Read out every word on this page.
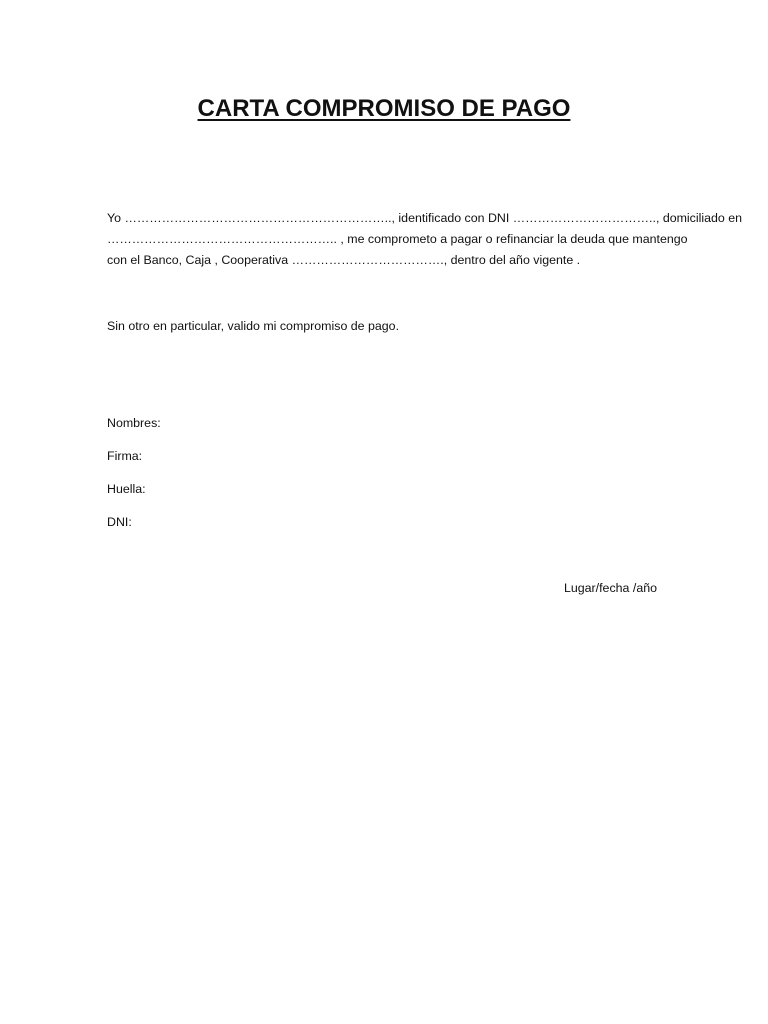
CARTA COMPROMISO DE PAGO

Yo ……………………………………………………….., identificado con DNI …………………………….., domiciliado en
……………………………………………….. , me comprometo a pagar o refinanciar la deuda que mantengo
con el Banco, Caja , Cooperativa ………………………………., dentro del año vigente .

Sin otro en particular, valido mi compromiso de pago.

Nombres:

Firma:

Huella:

DNI:

Lugar/fecha /año
